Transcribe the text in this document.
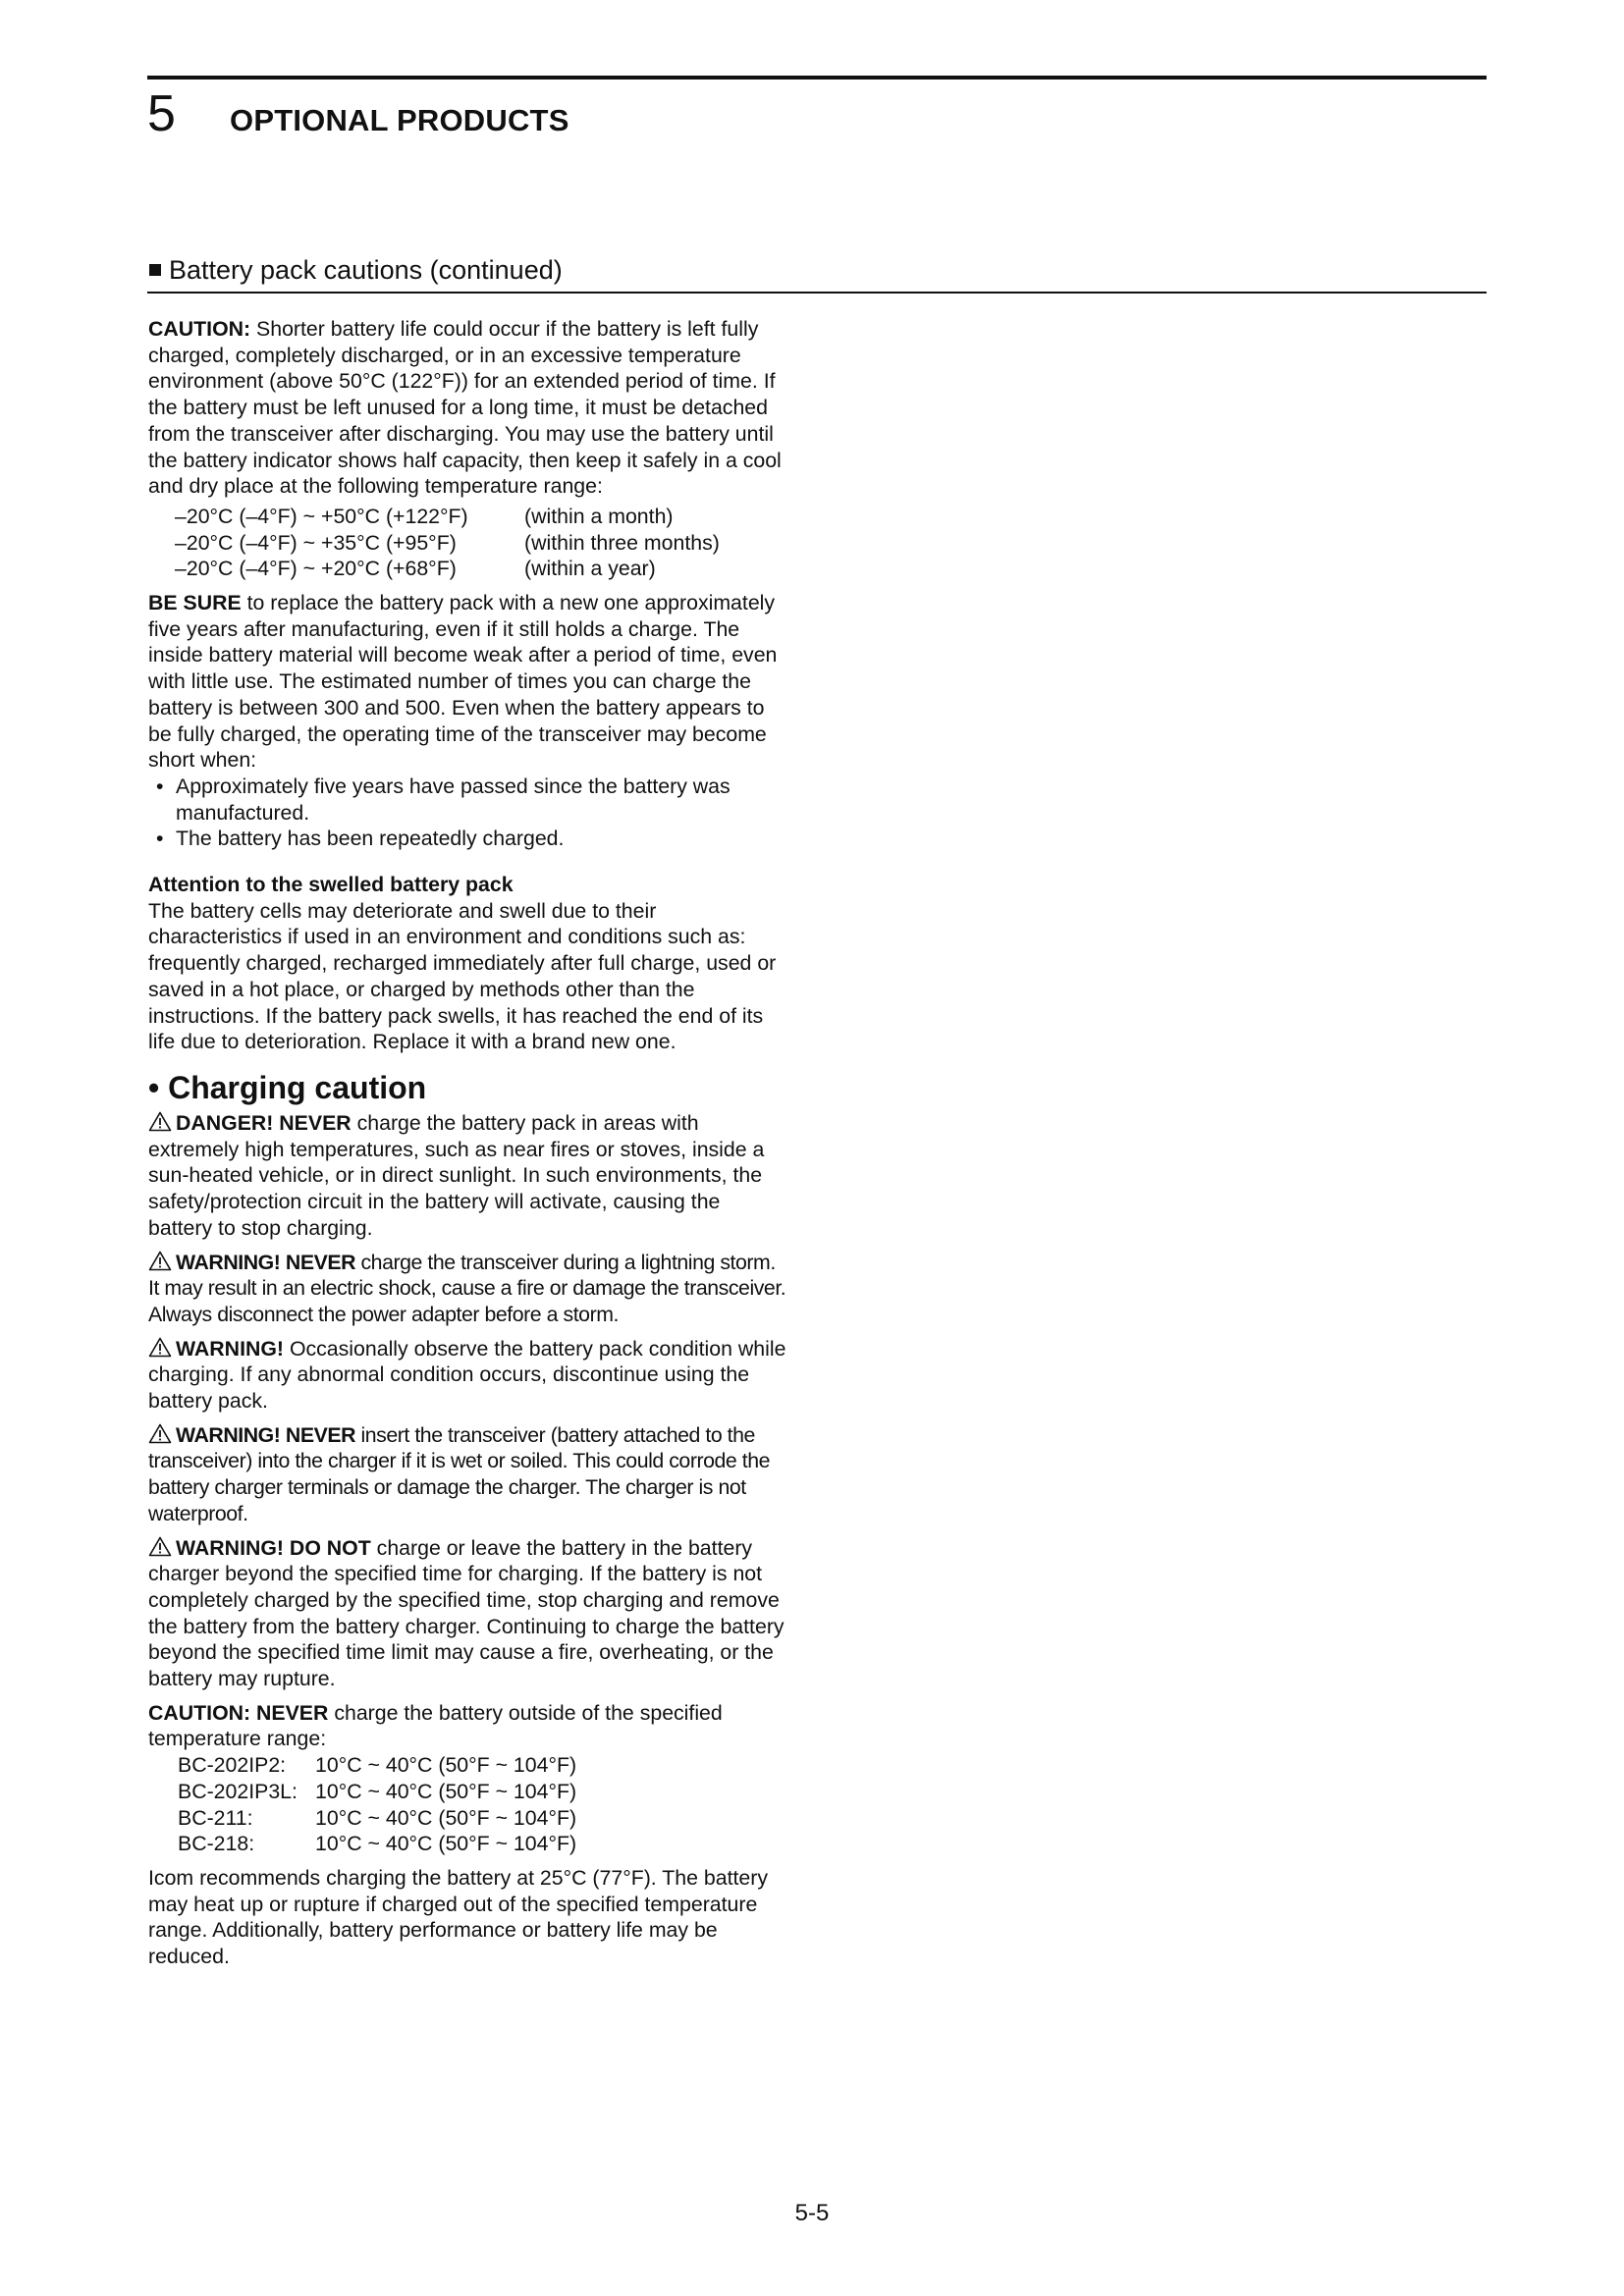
5	OPTIONAL PRODUCTS
Battery pack cautions (continued)

CAUTION: Shorter battery life could occur if the battery is left fully charged, completely discharged, or in an excessive temperature environment (above 50°C (122°F)) for an extended period of time. If the battery must be left unused for a long time, it must be detached from the transceiver after discharging. You may use the battery until the battery indicator shows half capacity, then keep it safely in a cool and dry place at the following temperature range:

–20°C (–4°F) ~ +50°C (+122°F)	(within a month)
–20°C (–4°F) ~ +35°C (+95°F)	(within three months)
–20°C (–4°F) ~ +20°C (+68°F)	(within a year)

BE SURE to replace the battery pack with a new one approximately five years after manufacturing, even if it still holds a charge. The inside battery material will become weak after a period of time, even with little use. The estimated number of times you can charge the battery is between 300 and 500. Even when the battery appears to be fully charged, the operating time of the transceiver may become short when:

• Approximately five years have passed since the battery was manufactured.
• The battery has been repeatedly charged.

Attention to the swelled battery pack

The battery cells may deteriorate and swell due to their characteristics if used in an environment and conditions such as: frequently charged, recharged immediately after full charge, used or saved in a hot place, or charged by methods other than the instructions. If the battery pack swells, it has reached the end of its life due to deterioration. Replace it with a brand new one.

• Charging caution

DANGER! NEVER charge the battery pack in areas with extremely high temperatures, such as near fires or stoves, inside a sun-heated vehicle, or in direct sunlight. In such environments, the safety/protection circuit in the battery will activate, causing the battery to stop charging.

WARNING! NEVER charge the transceiver during a lightning storm. It may result in an electric shock, cause a fire or damage the transceiver. Always disconnect the power adapter before a storm.

WARNING! Occasionally observe the battery pack condition while charging. If any abnormal condition occurs, discontinue using the battery pack.

WARNING! NEVER insert the transceiver (battery attached to the transceiver) into the charger if it is wet or soiled. This could corrode the battery charger terminals or damage the charger. The charger is not waterproof.

WARNING! DO NOT charge or leave the battery in the battery charger beyond the specified time for charging. If the battery is not completely charged by the specified time, stop charging and remove the battery from the battery charger. Continuing to charge the battery beyond the specified time limit may cause a fire, overheating, or the battery may rupture.

CAUTION: NEVER charge the battery outside of the specified temperature range:

BC-202IP2:	10°C ~ 40°C (50°F ~ 104°F)
BC-202IP3L: 10°C ~ 40°C (50°F ~ 104°F)
BC-211:	10°C ~ 40°C (50°F ~ 104°F)
BC-218:	10°C ~ 40°C (50°F ~ 104°F)

Icom recommends charging the battery at 25°C (77°F). The battery may heat up or rupture if charged out of the specified temperature range. Additionally, battery performance or battery life may be reduced.

5-5
